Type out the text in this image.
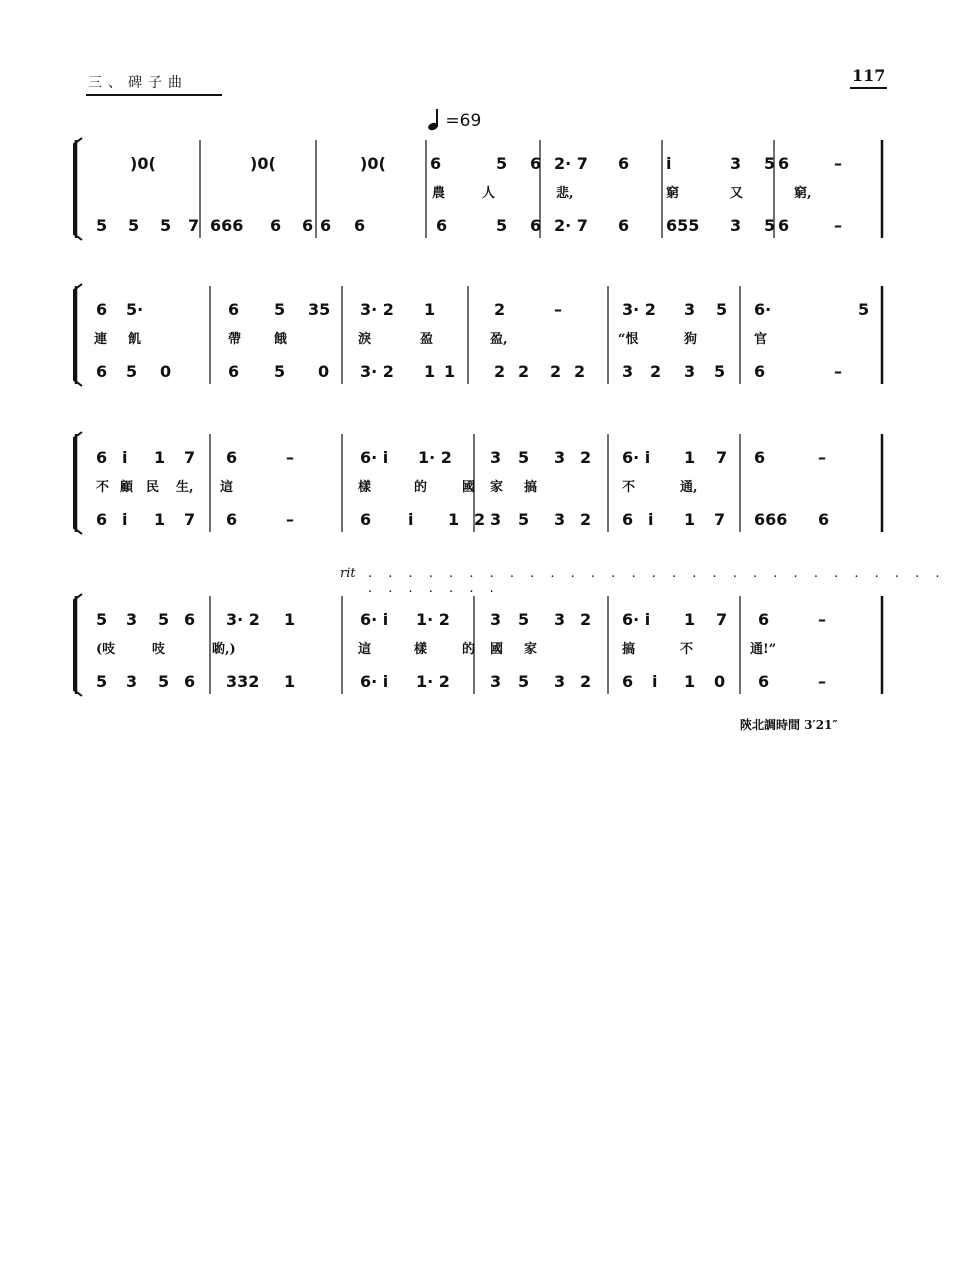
三、碑子曲	117
=69
)0(	)0(	)0(	6	5 6 2· 7 6 i	3 5 6	–
農	人	悲,	窮	又	窮,
5 5 5 7 666 6 6 6 6	6	5 6 2· 7 6 655 3 5 6	–
6 5·	6 5 35 3· 2 1	2	–	3· 2 3 5 6·	5
連 飢	帶	餓	淚	盈	盈,	“恨	狗	官
6 5 0	6 5 0 3· 2 1 1 2 2 2 2 3 2 3 5 6	–
6 i 1 7 6	–	6· i 1· 2 3 5 3 2 6· i 1 7 6	–
不 顧 民 生, 這	樣	的	國 家 搞	不	通,
6 i 1 7 6	–	6 i 1 2 3 5 3 2 6 i 1 7 666 6
rit . . . . . . . . . . . . . . . . . . . . . . . . . . . . . . . . . . . .
5 3 5 6 3· 2 1	6· i 1· 2	3 5 3 2 6· i 1 7 6	–
(吱	吱	喲,)	這	樣	的 國 家	搞	不	通!”
5 3 5 6 332 1	6· i 1· 2	3 5 3 2 6 i 1 0 6	–
陝北調時間 3′21″
